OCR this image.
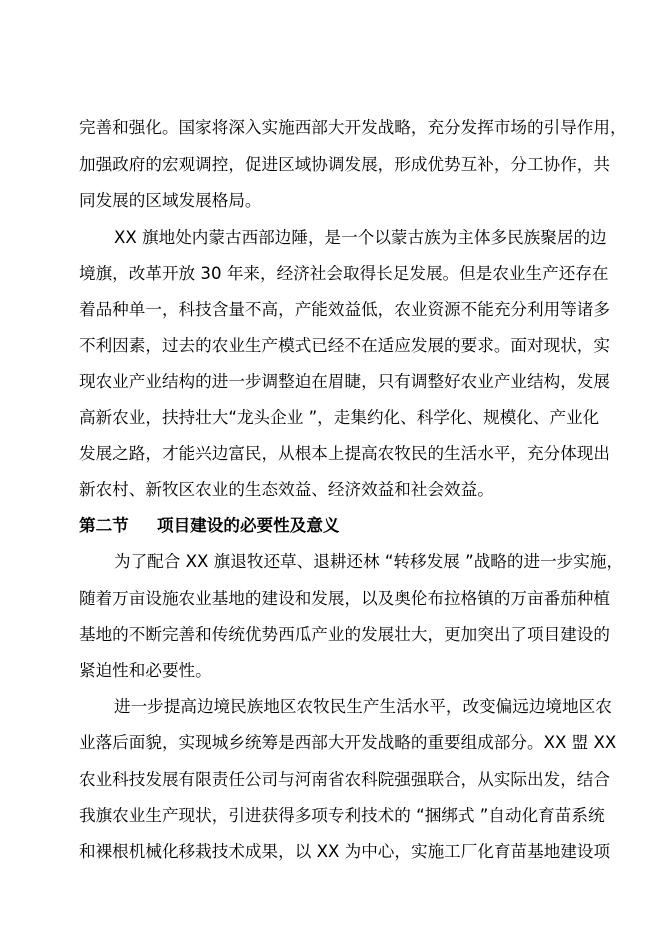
完善和强化。国家将深入实施西部大开发战略，充分发挥市场的引导作用，
加强政府的宏观调控，促进区域协调发展，形成优势互补，分工协作，共
同发展的区域发展格局。
XX 旗地处内蒙古西部边陲，是一个以蒙古族为主体多民族聚居的边
境旗，改革开放 30 年来，经济社会取得长足发展。但是农业生产还存在
着品种单一，科技含量不高，产能效益低，农业资源不能充分利用等诸多
不利因素，过去的农业生产模式已经不在适应发展的要求。面对现状，实
现农业产业结构的进一步调整迫在眉睫，只有调整好农业产业结构，发展
高新农业，扶持壮大“龙头企业 ”，走集约化、科学化、规模化、产业化
发展之路，才能兴边富民，从根本上提高农牧民的生活水平，充分体现出
新农村、新牧区农业的生态效益、经济效益和社会效益。
第二节 项目建设的必要性及意义
为了配合 XX 旗退牧还草、退耕还林 “转移发展 ”战略的进一步实施，
随着万亩设施农业基地的建设和发展，以及奥伦布拉格镇的万亩番茄种植
基地的不断完善和传统优势西瓜产业的发展壮大，更加突出了项目建设的
紧迫性和必要性。
进一步提高边境民族地区农牧民生产生活水平，改变偏远边境地区农
业落后面貌，实现城乡统筹是西部大开发战略的重要组成部分。XX 盟 XX
农业科技发展有限责任公司与河南省农科院强强联合，从实际出发，结合
我旗农业生产现状，引进获得多项专利技术的 “捆绑式 ”自动化育苗系统
和裸根机械化移栽技术成果，以 XX 为中心，实施工厂化育苗基地建设项
